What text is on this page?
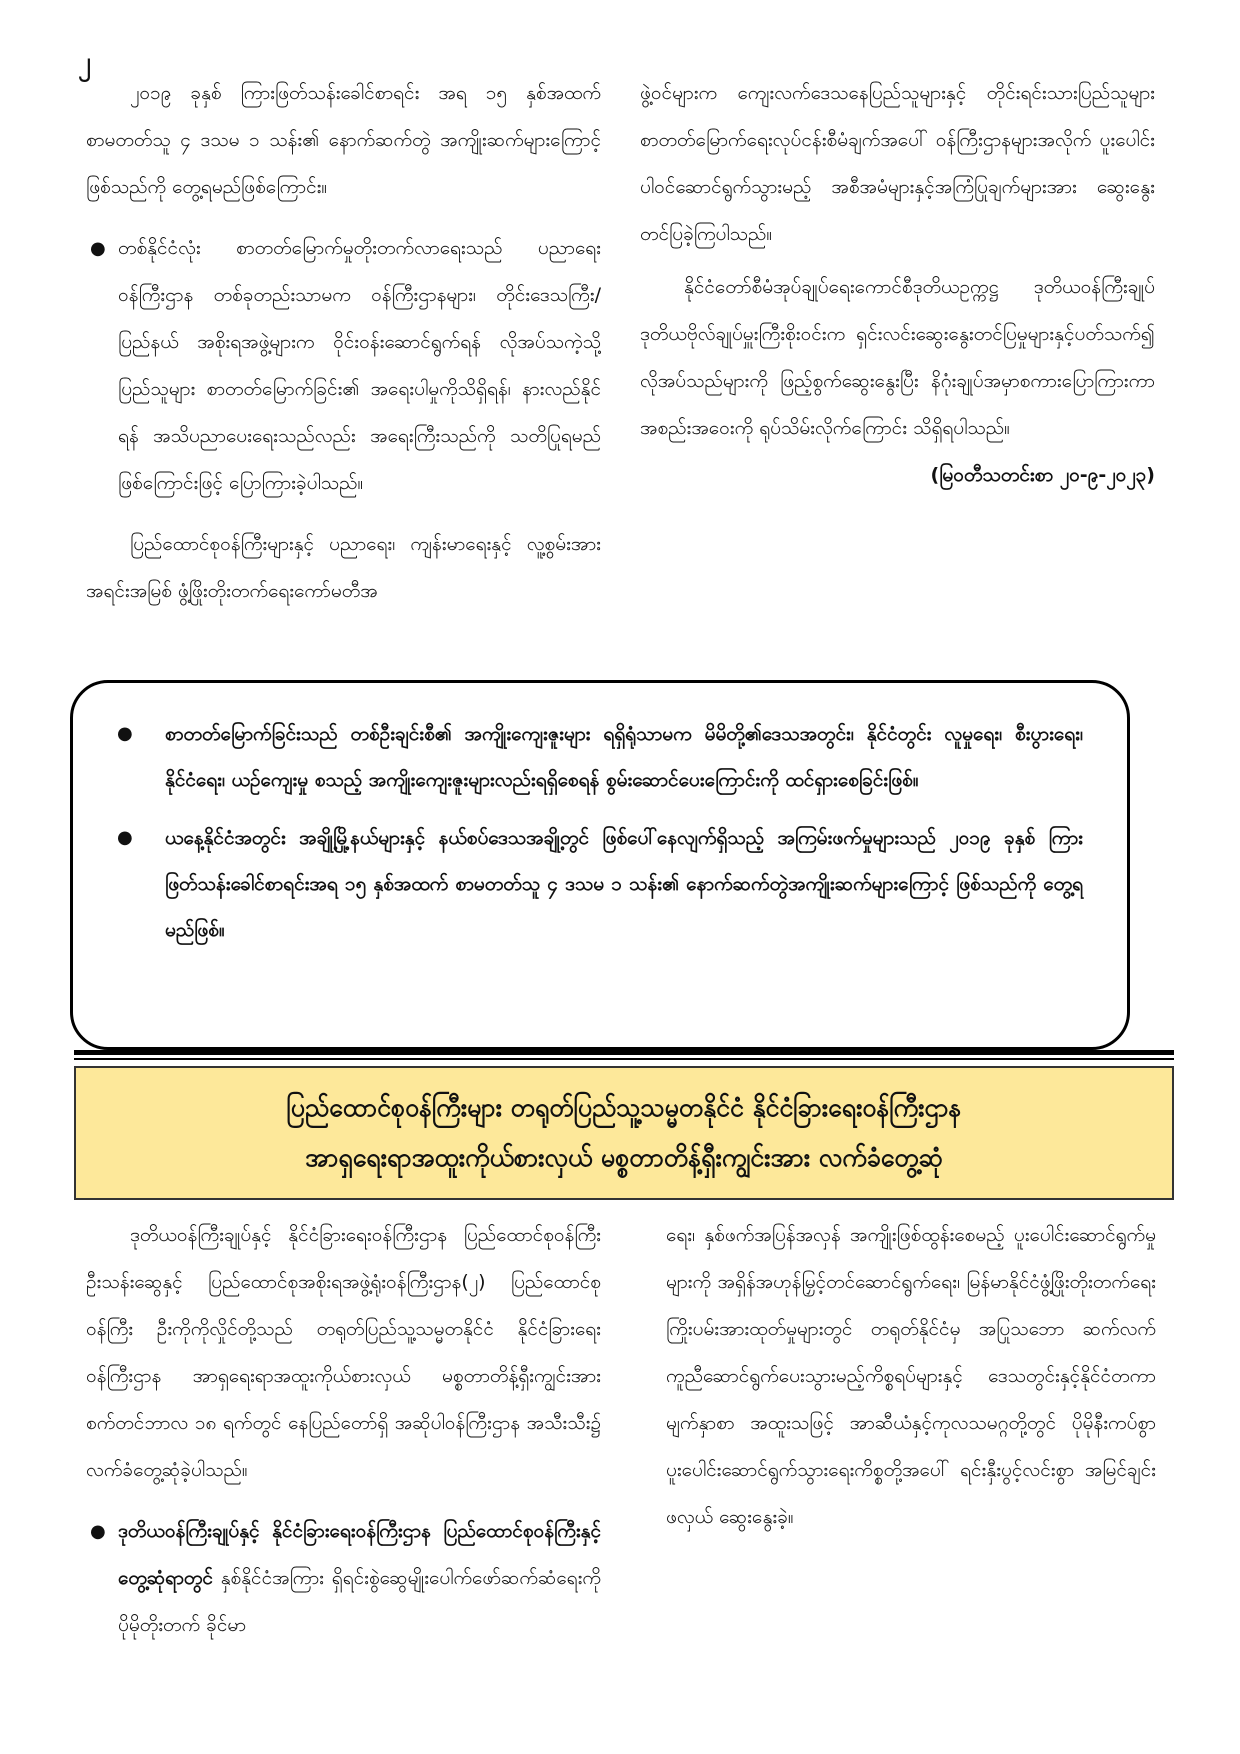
၂

၂၀၁၉ ခုနှစ် ကြားဖြတ်သန်းခေါင်စာရင်း အရ ၁၅ နှစ်အထက် စာမတတ်သူ ၄ ဒသမ ၁ သန်း၏ နောက်ဆက်တွဲ အကျိုးဆက်များကြောင့်ဖြစ်သည်ကို တွေ့ရမည်ဖြစ်ကြောင်း။

● တစ်နိုင်ငံလုံး စာတတ်မြောက်မှုတိုးတက်လာရေးသည် ပညာရေးဝန်ကြီးဌာန တစ်ခုတည်းသာမက ဝန်ကြီးဌာနများ၊ တိုင်းဒေသကြီး/ ပြည်နယ် အစိုးရအဖွဲ့များက ဝိုင်းဝန်းဆောင်ရွက်ရန် လိုအပ်သကဲ့သို့ ပြည်သူများ စာတတ်မြောက်ခြင်း၏ အရေးပါမှုကိုသိရှိရန်၊ နားလည်နိုင်ရန် အသိပညာပေးရေးသည်လည်း အရေးကြီးသည်ကို သတိပြုရမည်ဖြစ်ကြောင်းဖြင့် ပြောကြားခဲ့ပါသည်။

ပြည်ထောင်စုဝန်ကြီးများနှင့် ပညာရေး၊ ကျန်းမာရေးနှင့် လူ့စွမ်းအားအရင်းအမြစ် ဖွံ့ဖြိုးတိုးတက်ရေးကော်မတီအ

ဖွဲ့ဝင်များက ကျေးလက်ဒေသနေပြည်သူများနှင့် တိုင်းရင်းသားပြည်သူများ စာတတ်မြောက်ရေးလုပ်ငန်းစီမံချက်အပေါ် ဝန်ကြီးဌာနများအလိုက် ပူးပေါင်းပါဝင်ဆောင်ရွက်သွားမည့် အစီအမံများနှင့်အကြံပြုချက်များအား ဆွေးနွေးတင်ပြခဲ့ကြပါသည်။

နိုင်ငံတော်စီမံအုပ်ချုပ်ရေးကောင်စီဒုတိယဥက္ကဋ္ဌ ဒုတိယဝန်ကြီးချုပ် ဒုတိယဗိုလ်ချုပ်မှူးကြီးစိုးဝင်းက ရှင်းလင်းဆွေးနွေးတင်ပြမှုများနှင့်ပတ်သက်၍ လိုအပ်သည်များကို ဖြည့်စွက်ဆွေးနွေးပြီး နိဂုံးချုပ်အမှာစကားပြောကြားကာ အစည်းအဝေးကို ရုပ်သိမ်းလိုက်ကြောင်း သိရှိရပါသည်။

(မြဝတီသတင်းစာ ၂၀-၉-၂၀၂၃)

● စာတတ်မြောက်ခြင်းသည် တစ်ဦးချင်းစီ၏ အကျိုးကျေးဇူးများ ရရှိရုံသာမက မိမိတို့၏ဒေသအတွင်း၊ နိုင်ငံတွင်း လူမှုရေး၊ စီးပွားရေး၊ နိုင်ငံရေး၊ ယဉ်ကျေးမှု စသည့် အကျိုးကျေးဇူးများလည်းရရှိစေရန် စွမ်းဆောင်ပေးကြောင်းကို ထင်ရှားစေခြင်းဖြစ်။

● ယနေ့နိုင်ငံအတွင်း အချို့မြို့နယ်များနှင့် နယ်စပ်ဒေသအချို့တွင် ဖြစ်ပေါ်နေလျက်ရှိသည့် အကြမ်းဖက်မှုများသည် ၂၀၁၉ ခုနှစ် ကြားဖြတ်သန်းခေါင်စာရင်းအရ ၁၅ နှစ်အထက် စာမတတ်သူ ၄ ဒသမ ၁ သန်း၏ နောက်ဆက်တွဲအကျိုးဆက်များကြောင့် ဖြစ်သည်ကို တွေ့ရမည်ဖြစ်။

ပြည်ထောင်စုဝန်ကြီးများ တရုတ်ပြည်သူ့သမ္မတနိုင်ငံ နိုင်ငံခြားရေးဝန်ကြီးဌာန
အာရှရေးရာအထူးကိုယ်စားလှယ် မစ္စတာတိန့်ရှီးကျွင်းအား လက်ခံတွေ့ဆုံ

ဒုတိယဝန်ကြီးချုပ်နှင့် နိုင်ငံခြားရေးဝန်ကြီးဌာန ပြည်ထောင်စုဝန်ကြီး ဦးသန်းဆွေနှင့် ပြည်ထောင်စုအစိုးရအဖွဲ့ရုံးဝန်ကြီးဌာန(၂) ပြည်ထောင်စုဝန်ကြီး ဦးကိုကိုလှိုင်တို့သည် တရုတ်ပြည်သူ့သမ္မတနိုင်ငံ နိုင်ငံခြားရေးဝန်ကြီးဌာန အာရှရေးရာအထူးကိုယ်စားလှယ် မစ္စတာတိန့်ရှီးကျွင်းအား စက်တင်ဘာလ ၁၈ ရက်တွင် နေပြည်တော်ရှိ အဆိုပါဝန်ကြီးဌာန အသီးသီး၌ လက်ခံတွေ့ဆုံခဲ့ပါသည်။

● ဒုတိယဝန်ကြီးချုပ်နှင့် နိုင်ငံခြားရေးဝန်ကြီးဌာန ပြည်ထောင်စုဝန်ကြီးနှင့်တွေ့ဆုံရာတွင် နှစ်နိုင်ငံအကြား ရှိရင်းစွဲဆွေမျိုးပေါက်ဖော်ဆက်ဆံရေးကို ပိုမိုတိုးတက် ခိုင်မာ

ရေး၊ နှစ်ဖက်အပြန်အလှန် အကျိုးဖြစ်ထွန်းစေမည့် ပူးပေါင်းဆောင်ရွက်မှုများကို အရှိန်အဟုန်မြှင့်တင်ဆောင်ရွက်ရေး၊ မြန်မာနိုင်ငံဖွံ့ဖြိုးတိုးတက်ရေး ကြိုးပမ်းအားထုတ်မှုများတွင် တရုတ်နိုင်ငံမှ အပြုသဘော ဆက်လက်ကူညီဆောင်ရွက်ပေးသွားမည့်ကိစ္စရပ်များနှင့် ဒေသတွင်းနှင့်နိုင်ငံတကာမျက်နှာစာ အထူးသဖြင့် အာဆီယံနှင့်ကုလသမဂ္ဂတို့တွင် ပိုမိုနီးကပ်စွာ ပူးပေါင်းဆောင်ရွက်သွားရေးကိစ္စတို့အပေါ် ရင်းနှီးပွင့်လင်းစွာ အမြင်ချင်းဖလှယ် ဆွေးနွေးခဲ့။
